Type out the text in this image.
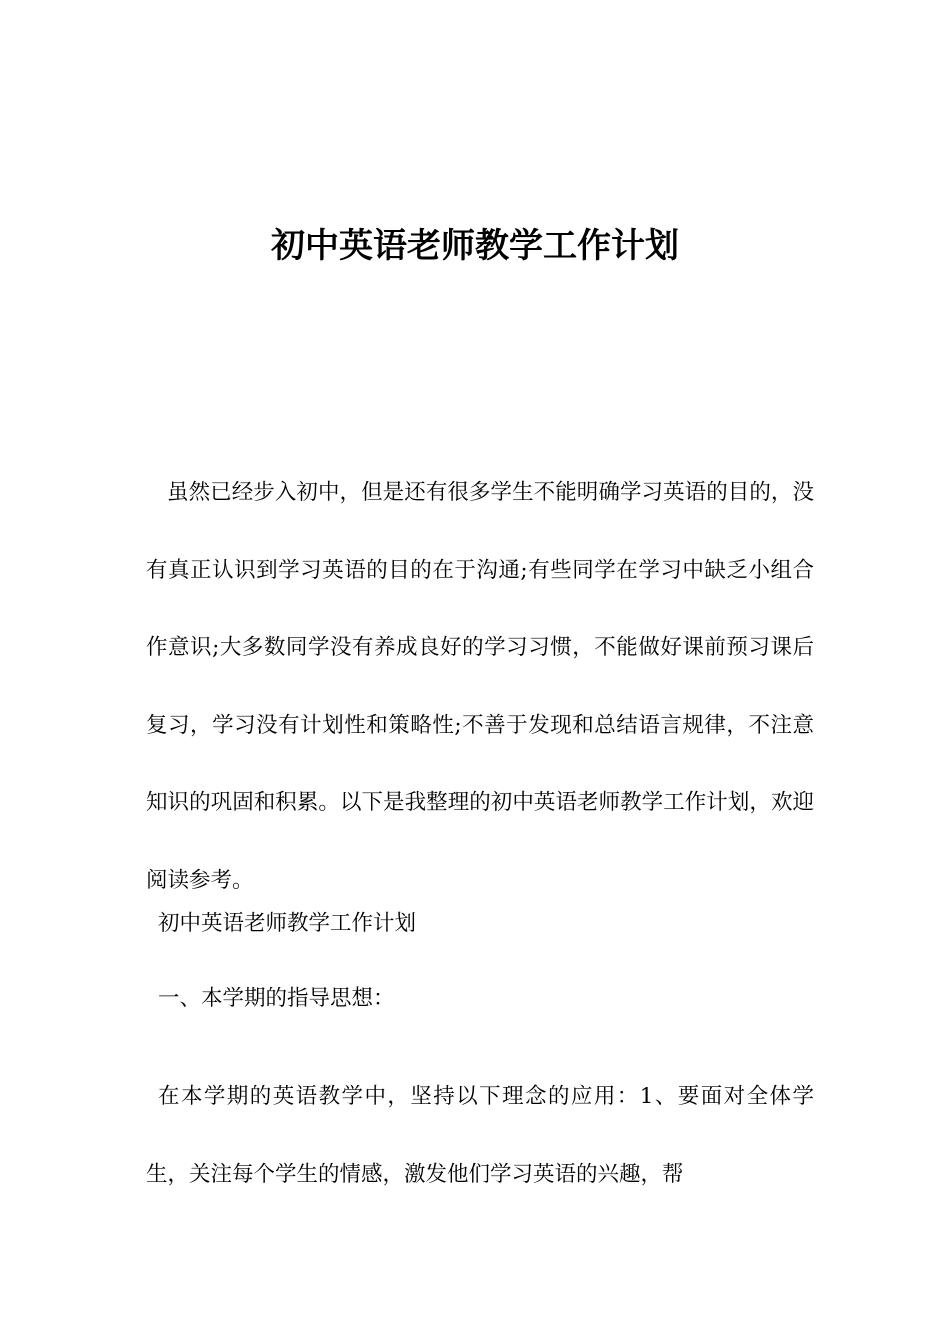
初中英语老师教学工作计划

虽然已经步入初中，但是还有很多学生不能明确学习英语的目的，没有真正认识到学习英语的目的在于沟通;有些同学在学习中缺乏小组合作意识;大多数同学没有养成良好的学习习惯，不能做好课前预习课后复习，学习没有计划性和策略性;不善于发现和总结语言规律，不注意知识的巩固和积累。以下是我整理的初中英语老师教学工作计划，欢迎阅读参考。

初中英语老师教学工作计划

一、本学期的指导思想：

在本学期的英语教学中，坚持以下理念的应用：1、要面对全体学生，关注每个学生的情感，激发他们学习英语的兴趣，帮
